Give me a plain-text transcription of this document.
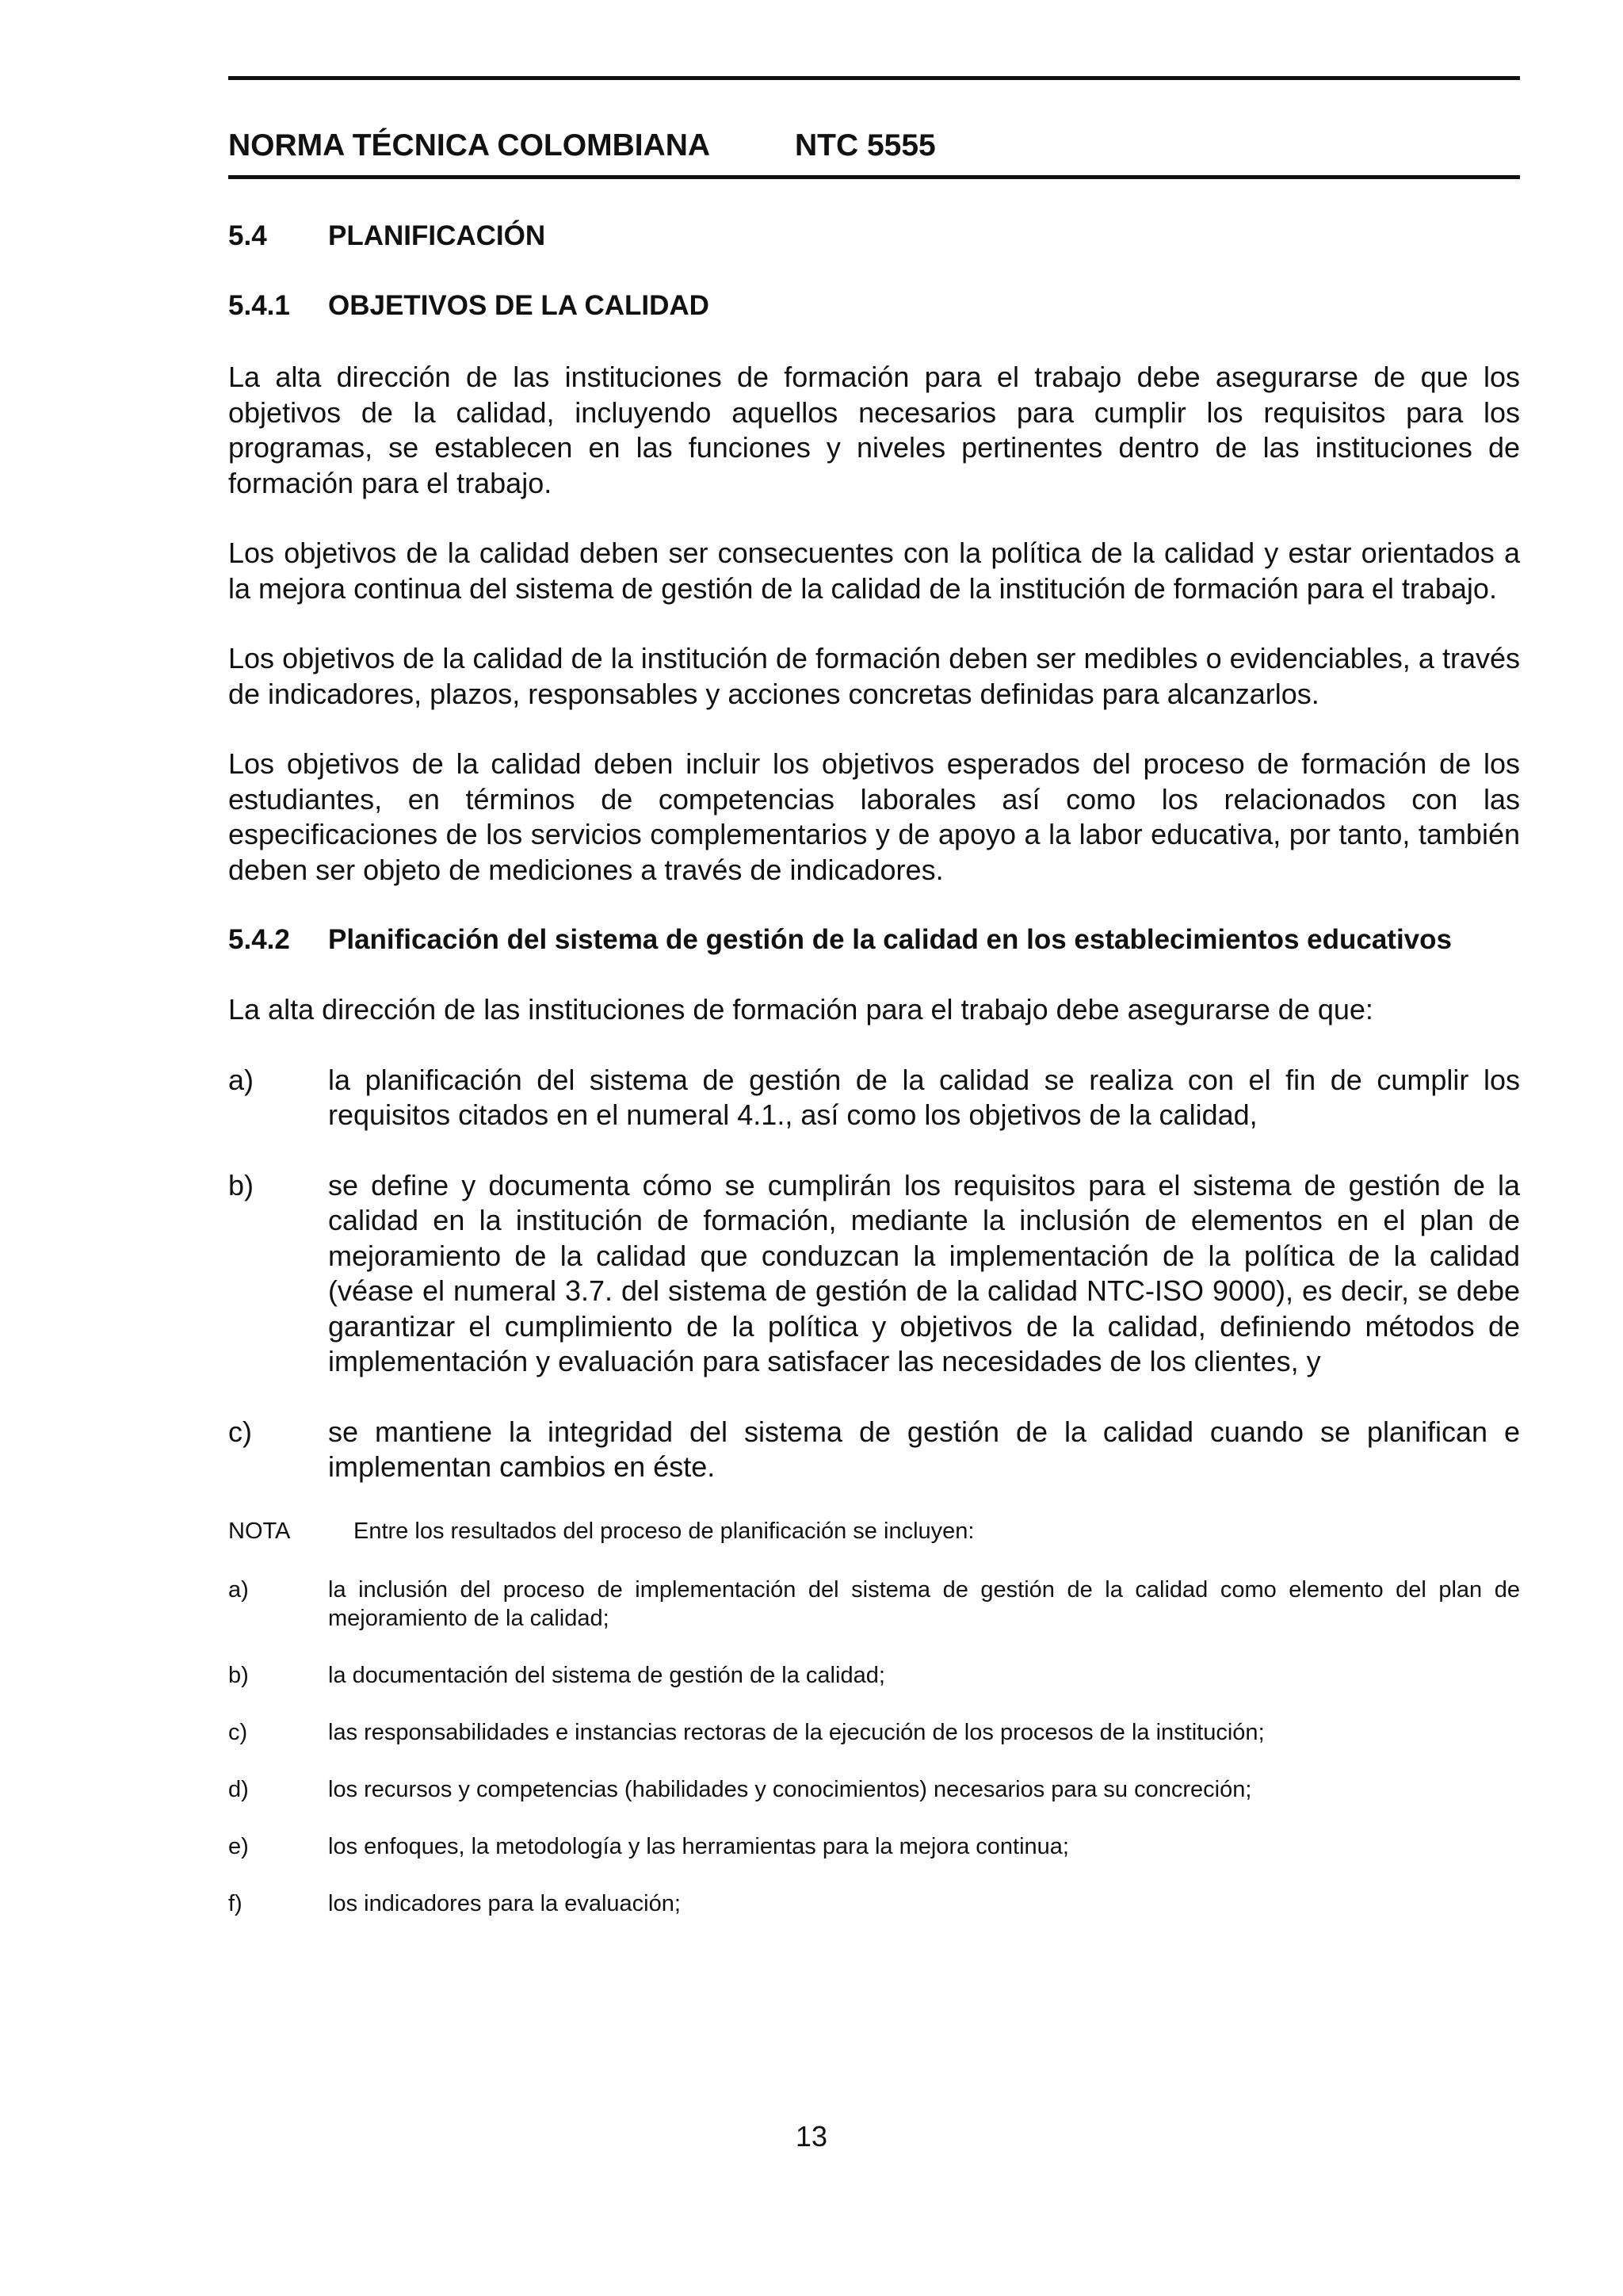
NORMA TÉCNICA COLOMBIANA	NTC 5555
5.4	PLANIFICACIÓN
5.4.1	OBJETIVOS DE LA CALIDAD

La alta dirección de las instituciones de formación para el trabajo debe asegurarse de que los objetivos de la calidad, incluyendo aquellos necesarios para cumplir los requisitos para los programas, se establecen en las funciones y niveles pertinentes dentro de las instituciones de formación para el trabajo.

Los objetivos de la calidad deben ser consecuentes con la política de la calidad y estar orientados a la mejora continua del sistema de gestión de la calidad de la institución de formación para el trabajo.

Los objetivos de la calidad de la institución de formación deben ser medibles o evidenciables, a través de indicadores, plazos, responsables y acciones concretas definidas para alcanzarlos.

Los objetivos de la calidad deben incluir los objetivos esperados del proceso de formación de los estudiantes, en términos de competencias laborales así como los relacionados con las especificaciones de los servicios complementarios y de apoyo a la labor educativa, por tanto, también deben ser objeto de mediciones a través de indicadores.

5.4.2	Planificación del sistema de gestión de la calidad en los establecimientos educativos

La alta dirección de las instituciones de formación para el trabajo debe asegurarse de que:

a)	la planificación del sistema de gestión de la calidad se realiza con el fin de cumplir los requisitos citados en el numeral 4.1., así como los objetivos de la calidad,
b)	se define y documenta cómo se cumplirán los requisitos para el sistema de gestión de la calidad en la institución de formación, mediante la inclusión de elementos en el plan de mejoramiento de la calidad que conduzcan la implementación de la política de la calidad (véase el numeral 3.7. del sistema de gestión de la calidad NTC-ISO 9000), es decir, se debe garantizar el cumplimiento de la política y objetivos de la calidad, definiendo métodos de implementación y evaluación para satisfacer las necesidades de los clientes, y
c)	se mantiene la integridad del sistema de gestión de la calidad cuando se planifican e implementan cambios en éste.
NOTA	Entre los resultados del proceso de planificación se incluyen:
a)	la inclusión del proceso de implementación del sistema de gestión de la calidad como elemento del plan de mejoramiento de la calidad;
b)	la documentación del sistema de gestión de la calidad;
c)	las responsabilidades e instancias rectoras de la ejecución de los procesos de la institución;
d)	los recursos y competencias (habilidades y conocimientos) necesarios para su concreción;
e)	los enfoques, la metodología y las herramientas para la mejora continua;
f)	los indicadores para la evaluación;
13
